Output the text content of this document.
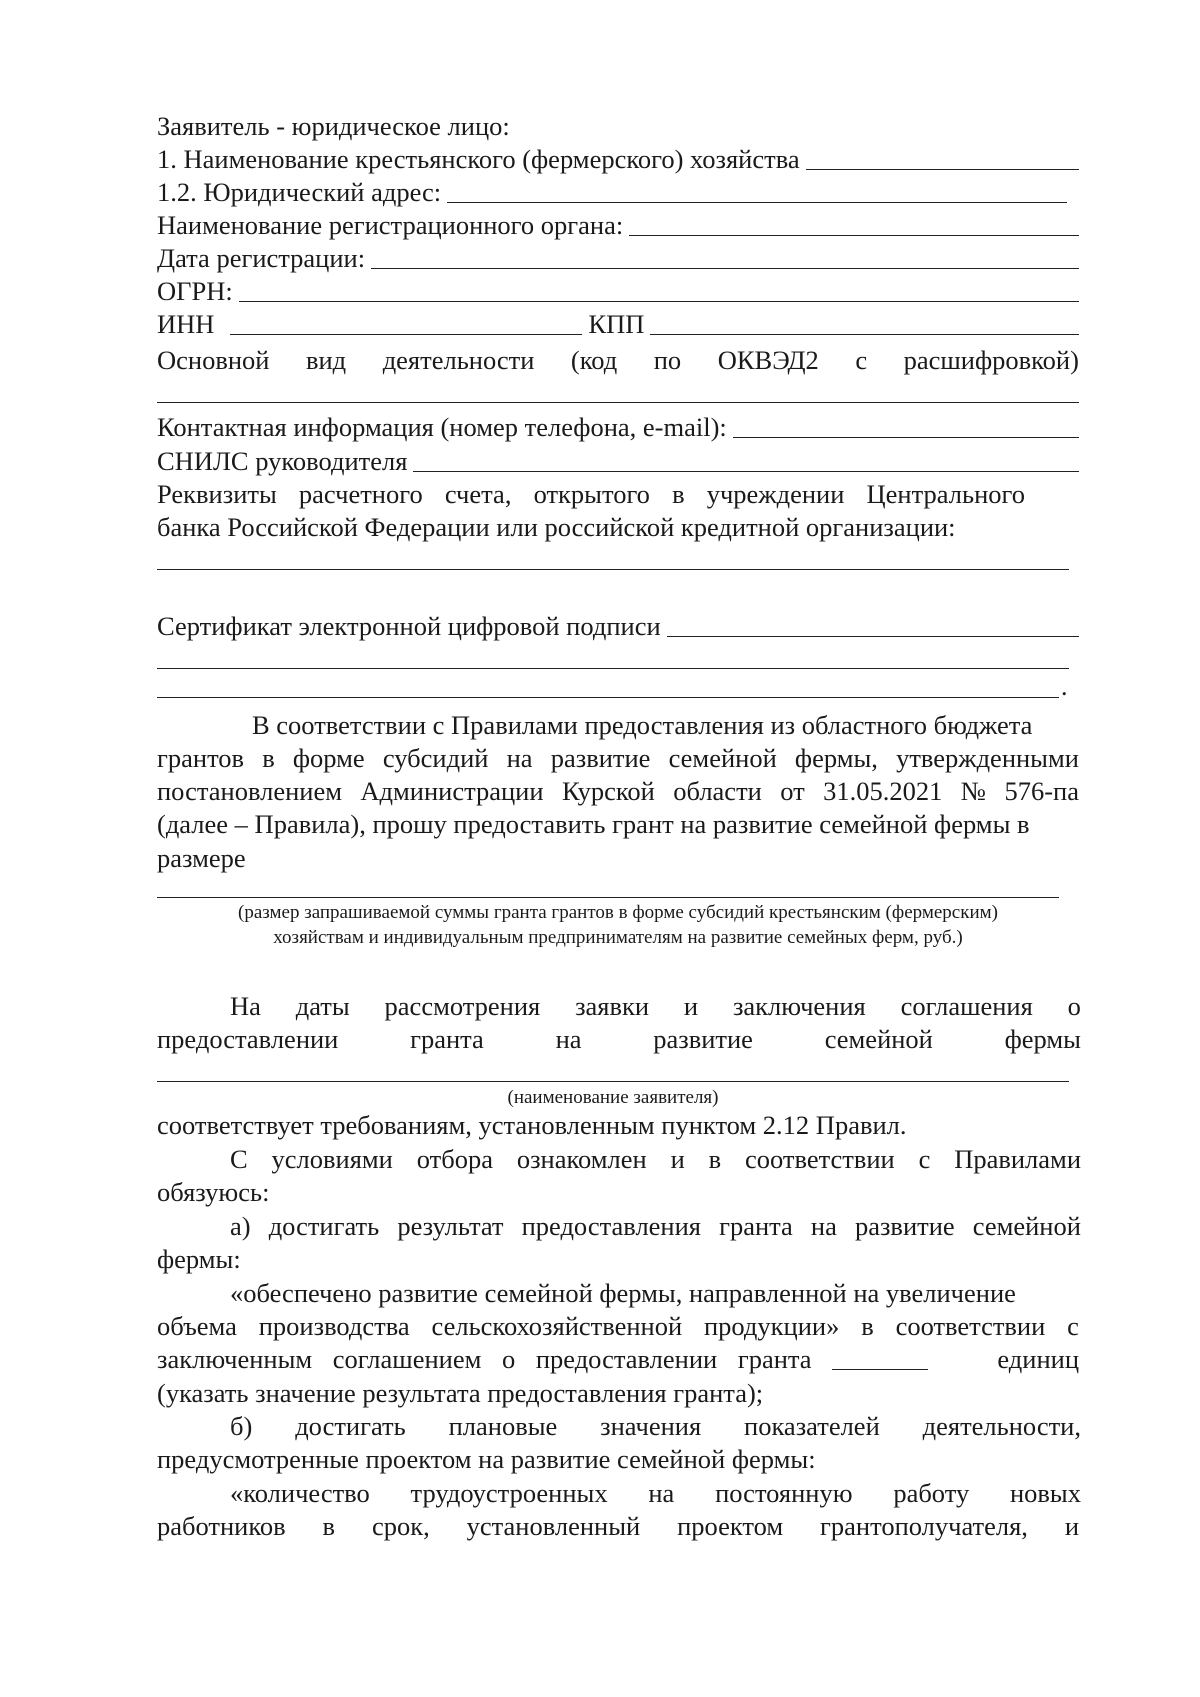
Заявитель - юридическое лицо:
1. Наименование крестьянского (фермерского) хозяйства
1.2. Юридический адрес:
Наименование регистрационного органа:
Дата регистрации:
ОГРН:
ИНН	КПП
Основной вид деятельности (код по ОКВЭД2 с расшифровкой)
Контактная информация (номер телефона, e-mail):
СНИЛС руководителя
Реквизиты расчетного счета, открытого в учреждении Центрального
банка Российской Федерации или российской кредитной организации:
Сертификат электронной цифровой подписи
.
В соответствии с Правилами предоставления из областного бюджета
грантов в форме субсидий на развитие семейной фермы, утвержденными
постановлением Администрации Курской области от 31.05.2021 № 576-па
(далее – Правила), прошу предоставить грант на развитие семейной фермы в
размере
(размер запрашиваемой суммы гранта грантов в форме субсидий крестьянским (фермерским)
хозяйствам и индивидуальным предпринимателям на развитие семейных ферм, руб.)
На даты рассмотрения заявки и заключения соглашения о
предоставлении	гранта	на	развитие	семейной	фермы
(наименование заявителя)
соответствует требованиям, установленным пунктом 2.12 Правил.
С условиями отбора ознакомлен и в соответствии с Правилами
обязуюсь:
а) достигать результат предоставления гранта на развитие семейной
фермы:
«обеспечено развитие семейной фермы, направленной на увеличение
объема производства сельскохозяйственной продукции» в соответствии с
заключенным соглашением о предоставлении гранта	единиц
(указать значение результата предоставления гранта);
б) достигать плановые значения показателей деятельности,
предусмотренные проектом на развитие семейной фермы:
«количество трудоустроенных на постоянную работу новых
работников в срок, установленный проектом грантополучателя, и
